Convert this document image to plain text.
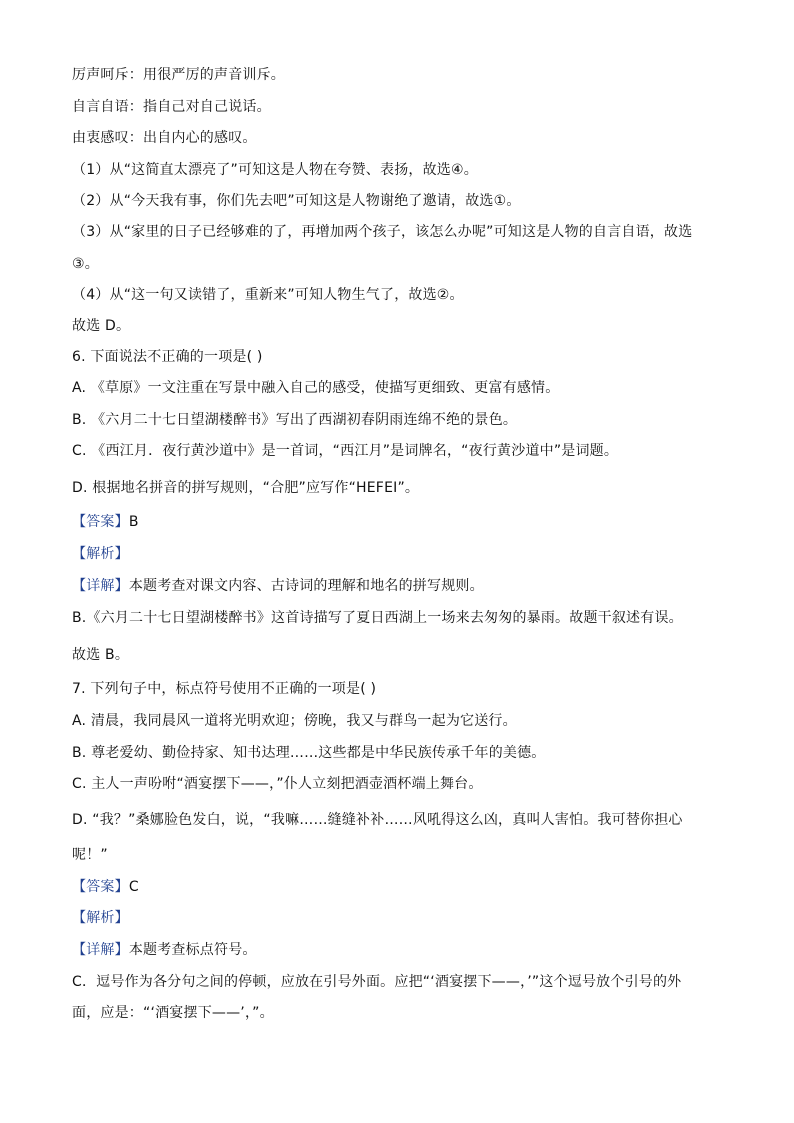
厉声呵斥：用很严厉的声音训斥。
自言自语：指自己对自己说话。
由衷感叹：出自内心的感叹。
（1）从“这简直太漂亮了”可知这是人物在夸赞、表扬，故选④。
（2）从“今天我有事，你们先去吧”可知这是人物谢绝了邀请，故选①。
（3）从“家里的日子已经够难的了，再增加两个孩子，该怎么办呢”可知这是人物的自言自语，故选
③。
（4）从“这一句又读错了，重新来”可知人物生气了，故选②。
故选 D。
6. 下面说法不正确的一项是( )
A. 《草原》一文注重在写景中融入自己的感受，使描写更细致、更富有感情。
B. 《六月二十七日望湖楼醉书》写出了西湖初春阴雨连绵不绝的景色。
C. 《西江月．夜行黄沙道中》是一首词，“西江月”是词牌名，“夜行黄沙道中”是词题。
D. 根据地名拼音的拼写规则，“合肥”应写作“HEFEI”。
【答案】B
【解析】
【详解】本题考查对课文内容、古诗词的理解和地名的拼写规则。
B.《六月二十七日望湖楼醉书》这首诗描写了夏日西湖上一场来去匆匆的暴雨。故题干叙述有误。
故选 B。
7. 下列句子中，标点符号使用不正确的一项是( )
A. 清晨，我同晨风一道将光明欢迎；傍晚，我又与群鸟一起为它送行。
B. 尊老爱幼、勤俭持家、知书达理……这些都是中华民族传承千年的美德。
C. 主人一声吩咐“酒宴摆下——，”仆人立刻把酒壶酒杯端上舞台。
D. “我？”桑娜脸色发白，说，“我嘛……缝缝补补……风吼得这么凶，真叫人害怕。我可替你担心
呢！”
【答案】C
【解析】
【详解】本题考查标点符号。
C．逗号作为各分句之间的停顿，应放在引号外面。应把“‘酒宴摆下——，’”这个逗号放个引号的外
面，应是：“‘酒宴摆下——’，”。
